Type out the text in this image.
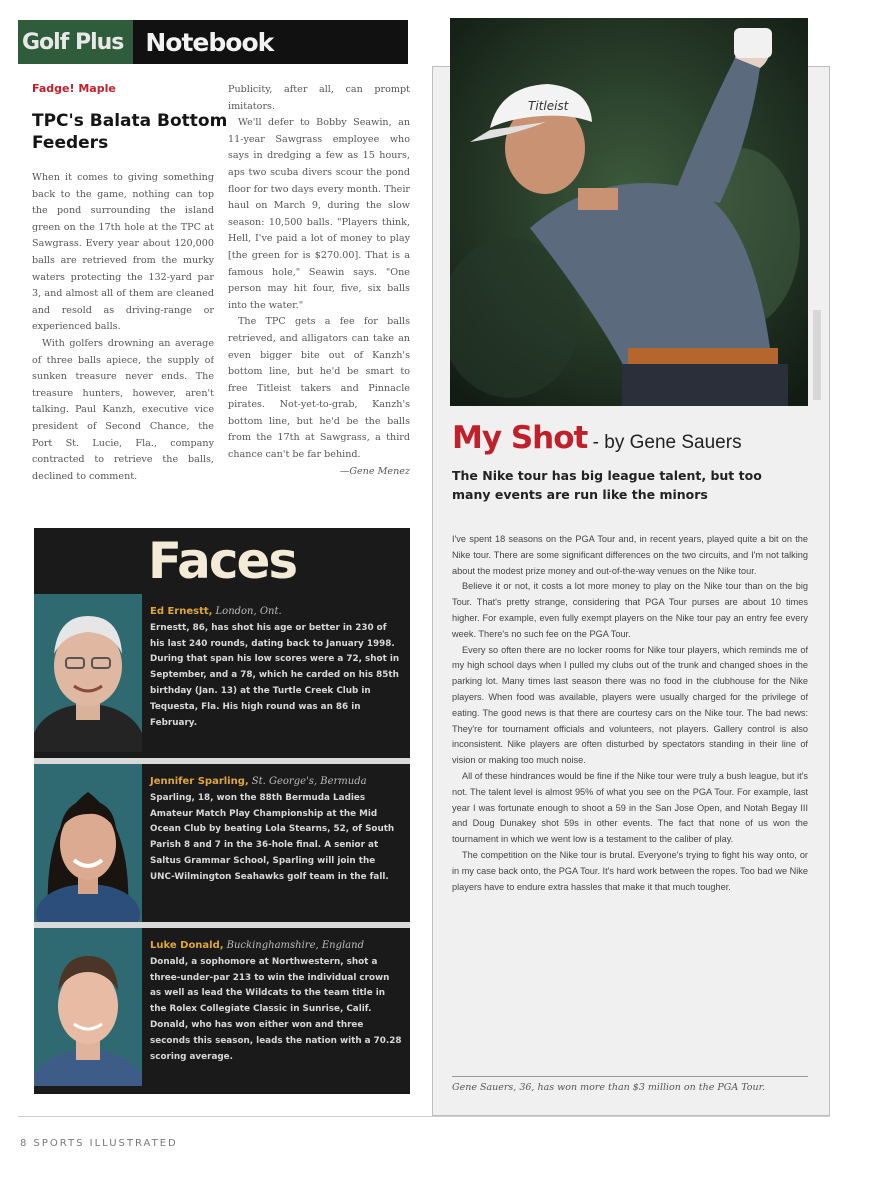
Golf Plus Notebook
Fadge! Maple
TPC's Balata Bottom Feeders

When it comes to giving something back to the game, nothing can top the pond surrounding the island green on the 17th hole at the TPC at Sawgrass. Every year about 120,000 balls are retrieved from the murky waters protecting the 132-yard par 3, and almost all of them are cleaned and resold as driving-range or experienced balls.

With golfers drowning an average of three balls apiece, the supply of sunken treasure never ends. The treasure hunters, however, aren't talking. Paul Kanzh, executive vice president of Second Chance, the Port St. Lucie, Fla., company contracted to retrieve the balls, declined to comment.

Publicity, after all, can prompt imitators.

We'll defer to Bobby Seawin, an 11-year Sawgrass employee who says in dredging a few as 15 hours, aps two scuba divers scour the pond floor for two days every month. Their haul on March 9, during the slow season: 10,500 balls. "Players think, Hell, I've paid a lot of money to play [the green for is $270.00]. That is a famous hole," Seawin says. "One person may hit four, five, six balls into the water."

The TPC gets a fee for balls retrieved, and alligators can take an even bigger bite out of Kanzh's bottom line, but he'd be smart to free Titleist takers and Pinnacle pirates. Not-yet-to-grab, Kanzh's bottom line, but he'd be the balls from the 17th at Sawgrass, a third chance can't be far behind.

—Gene Menez
Faces
Ed Ernestt, London, Ont.
Ernestt, 86, has shot his age or better in 230 of his last 240 rounds, dating back to January 1998. During that span his low scores were a 72, shot in September, and a 78, which he carded on his 85th birthday (Jan. 13) at the Turtle Creek Club in Tequesta, Fla. His high round was an 86 in February.
Jennifer Sparling, St. George's, Bermuda
Sparling, 18, won the 88th Bermuda Ladies Amateur Match Play Championship at the Mid Ocean Club by beating Lola Stearns, 52, of South Parish 8 and 7 in the 36-hole final. A senior at Saltus Grammar School, Sparling will join the UNC-Wilmington Seahawks golf team in the fall.
Luke Donald, Buckinghamshire, England
Donald, a sophomore at Northwestern, shot a three-under-par 213 to win the individual crown as well as lead the Wildcats to the team title in the Rolex Collegiate Classic in Sunrise, Calif. Donald, who has won either won and three seconds this season, leads the nation with a 70.28 scoring average.
Titleist
My Shot - by Gene Sauers
The Nike tour has big league talent, but too many events are run like the minors

I've spent 18 seasons on the PGA Tour and, in recent years, played quite a bit on the Nike tour. There are some significant differences on the two circuits, and I'm not talking about the modest prize money and out-of-the-way venues on the Nike tour.

Believe it or not, it costs a lot more money to play on the Nike tour than on the big Tour. That's pretty strange, considering that PGA Tour purses are about 10 times higher. For example, even fully exempt players on the Nike tour pay an entry fee every week. There's no such fee on the PGA Tour.

Every so often there are no locker rooms for Nike tour players, which reminds me of my high school days when I pulled my clubs out of the trunk and changed shoes in the parking lot. Many times last season there was no food in the clubhouse for the Nike players. When food was available, players were usually charged for the privilege of eating. The good news is that there are courtesy cars on the Nike tour. The bad news: They're for tournament officials and volunteers, not players. Gallery control is also inconsistent. Nike players are often disturbed by spectators standing in their line of vision or making too much noise.

All of these hindrances would be fine if the Nike tour were truly a bush league, but it's not. The talent level is almost 95% of what you see on the PGA Tour. For example, last year I was fortunate enough to shoot a 59 in the San Jose Open, and Notah Begay III and Doug Dunakey shot 59s in other events. The fact that none of us won the tournament in which we went low is a testament to the caliber of play.

The competition on the Nike tour is brutal. Everyone's trying to fight his way onto, or in my case back onto, the PGA Tour. It's hard work between the ropes. Too bad we Nike players have to endure extra hassles that make it that much tougher.

Gene Sauers, 36, has won more than $3 million on the PGA Tour.
8 SPORTS ILLUSTRATED
